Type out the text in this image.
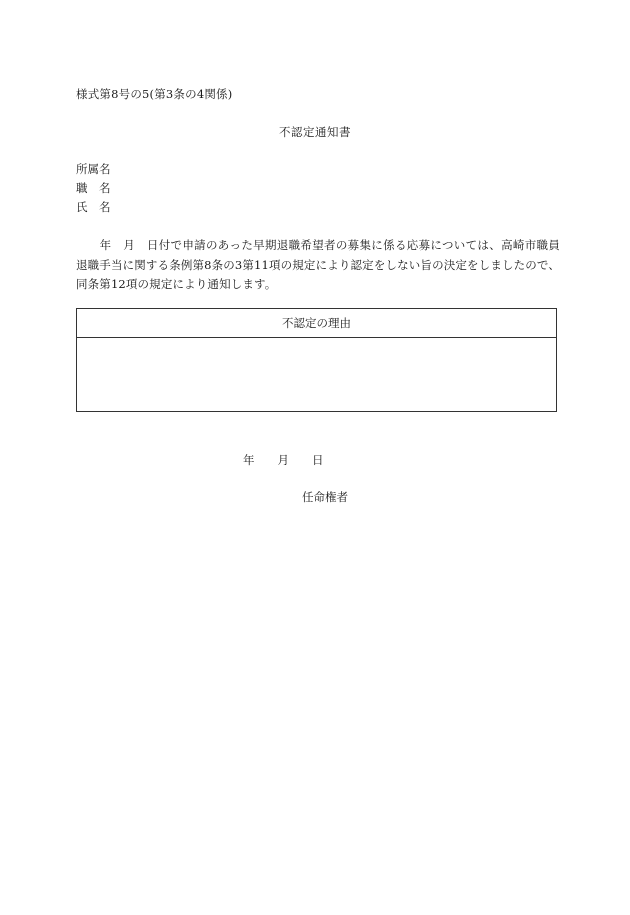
様式第8号の5(第3条の4関係)
不認定通知書
所属名
職　名
氏　名
　　年　月　日付で申請のあった早期退職希望者の募集に係る応募については、高崎市職員退職手当に関する条例第8条の3第11項の規定により認定をしない旨の決定をしましたので、同条第12項の規定により通知します。
不認定の理由
年　　月　　日
任命権者
